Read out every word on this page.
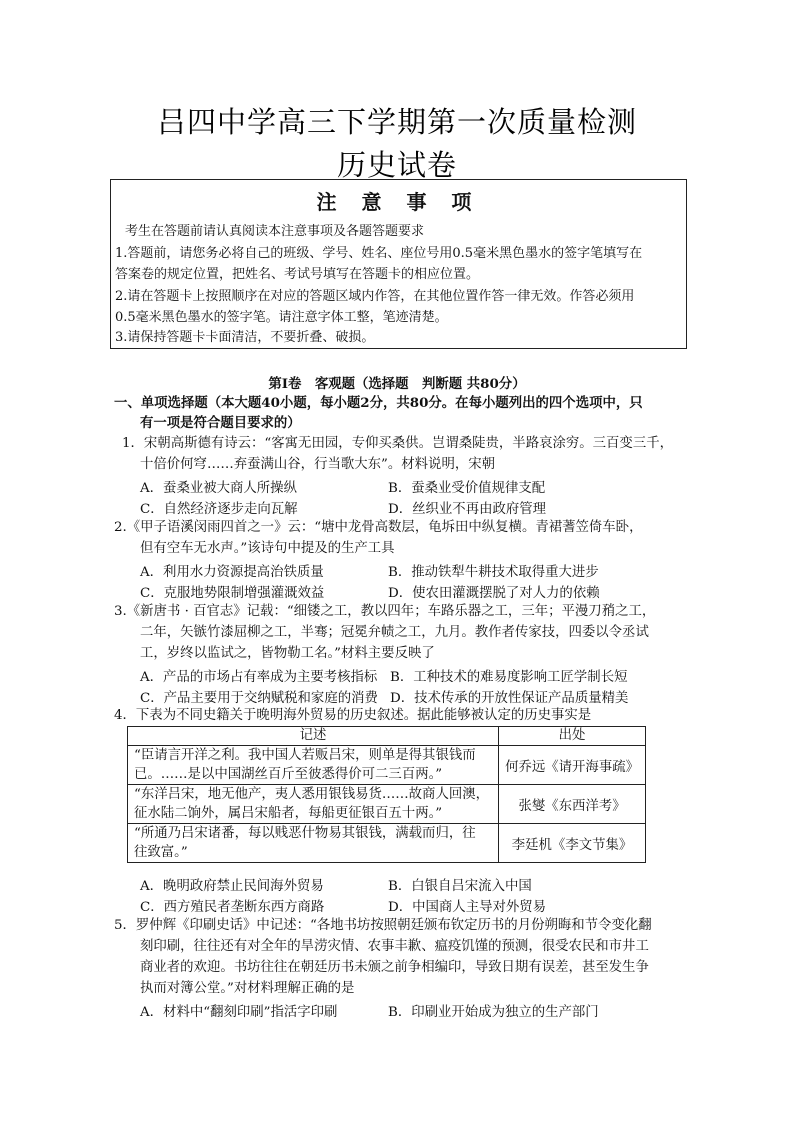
吕四中学高三下学期第一次质量检测
历史试卷
注 意 事 项
考生在答题前请认真阅读本注意事项及各题答题要求
1.答题前，请您务必将自己的班级、学号、姓名、座位号用0.5毫米黑色墨水的签字笔填写在
答案卷的规定位置，把姓名、考试号填写在答题卡的相应位置。
2.请在答题卡上按照顺序在对应的答题区域内作答，在其他位置作答一律无效。作答必须用
0.5毫米黑色墨水的签字笔。请注意字体工整，笔迹清楚。
3.请保持答题卡卡面清洁，不要折叠、破损。
第Ⅰ卷　客观题（选择题　判断题 共80分）
一、单项选择题（本大题40小题，每小题2分，共80分。在每小题列出的四个选项中，只
有一项是符合题目要求的）
1．宋朝高斯德有诗云：“客寓无田园，专仰买桑供。岂谓桑陡贵，半路哀涂穷。三百变三千，
十倍价何穹……弃蚕满山谷，行当歌大东”。材料说明，宋朝
A．蚕桑业被大商人所操纵	B．蚕桑业受价值规律支配
C．自然经济逐步走向瓦解	D．丝织业不再由政府管理
2.《甲子语溪闵雨四首之一》云：“塘中龙骨高数层，龟坼田中纵复横。青裙蓍笠倚车卧，
但有空车无水声。”该诗句中提及的生产工具
A．利用水力资源提高治铁质量	B．推动铁犁牛耕技术取得重大进步
C．克服地势限制增强灌溉效益	D．使农田灌溉摆脱了对人力的依赖
3.《新唐书 · 百官志》记载：“细镂之工，教以四年；车路乐器之工，三年；平漫刀矟之工，
二年，矢镞竹漆屈柳之工，半骞；冠冕弁帻之工，九月。教作者传家技，四委以令丞试
工，岁终以监试之，皆物勒工名。”材料主要反映了
A．产品的市场占有率成为主要考核指标 B．工种技术的难易度影响工匠学制长短
C．产品主要用于交纳赋税和家庭的消费 D．技术传承的开放性保证产品质量精美
4．下表为不同史籍关于晚明海外贸易的历史叙述。据此能够被认定的历史事实是
记述	出处
“臣请言开洋之利。我中国人若贩吕宋，则单是得其银钱而
已。……是以中国湖丝百斤至彼悉得价可二三百两。”	何乔远《请开海事疏》
“东洋吕宋，地无他产，夷人悉用银钱易货……故商人回澳，
征水陆二饷外，属吕宋船者，每船更征银百五十两。”	张燮《东西洋考》
“所通乃吕宋诸番，每以贱恶什物易其银钱，满载而归，往
往致富。”	李廷机《李文节集》
A．晚明政府禁止民间海外贸易	B．白银自吕宋流入中国
C．西方殖民者垄断东西方商路	D．中国商人主导对外贸易
5．罗仲辉《印刷史话》中记述：“各地书坊按照朝廷颁布钦定历书的月份朔晦和节令变化翻
刻印刷，往往还有对全年的旱涝灾情、农事丰歉、瘟疫饥馑的预测，很受农民和市井工
商业者的欢迎。书坊往往在朝廷历书未颁之前争相编印，导致日期有误差，甚至发生争
执而对簿公堂。”对材料理解正确的是
A．材料中“翻刻印刷”指活字印刷	B．印刷业开始成为独立的生产部门
